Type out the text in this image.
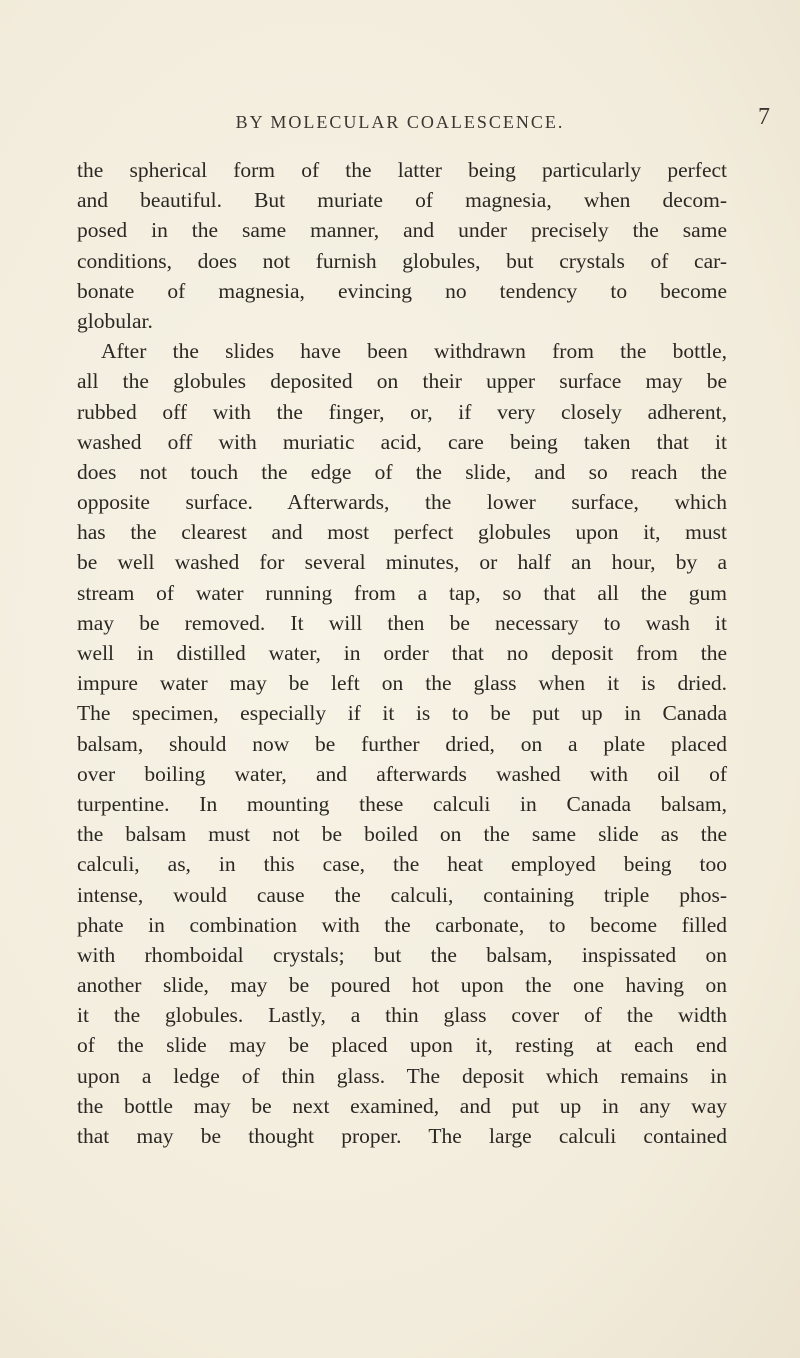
BY MOLECULAR COALESCENCE.	7
the spherical form of the latter being particularly perfect
and beautiful. But muriate of magnesia, when decom-
posed in the same manner, and under precisely the same
conditions, does not furnish globules, but crystals of car-
bonate of magnesia, evincing no tendency to become
globular.
After the slides have been withdrawn from the bottle,
all the globules deposited on their upper surface may be
rubbed off with the finger, or, if very closely adherent,
washed off with muriatic acid, care being taken that it
does not touch the edge of the slide, and so reach the
opposite surface. Afterwards, the lower surface, which
has the clearest and most perfect globules upon it, must
be well washed for several minutes, or half an hour, by a
stream of water running from a tap, so that all the gum
may be removed. It will then be necessary to wash it
well in distilled water, in order that no deposit from the
impure water may be left on the glass when it is dried.
The specimen, especially if it is to be put up in Canada
balsam, should now be further dried, on a plate placed
over boiling water, and afterwards washed with oil of
turpentine. In mounting these calculi in Canada balsam,
the balsam must not be boiled on the same slide as the
calculi, as, in this case, the heat employed being too
intense, would cause the calculi, containing triple phos-
phate in combination with the carbonate, to become filled
with rhomboidal crystals; but the balsam, inspissated on
another slide, may be poured hot upon the one having on
it the globules. Lastly, a thin glass cover of the width
of the slide may be placed upon it, resting at each end
upon a ledge of thin glass. The deposit which remains in
the bottle may be next examined, and put up in any way
that may be thought proper. The large calculi contained
